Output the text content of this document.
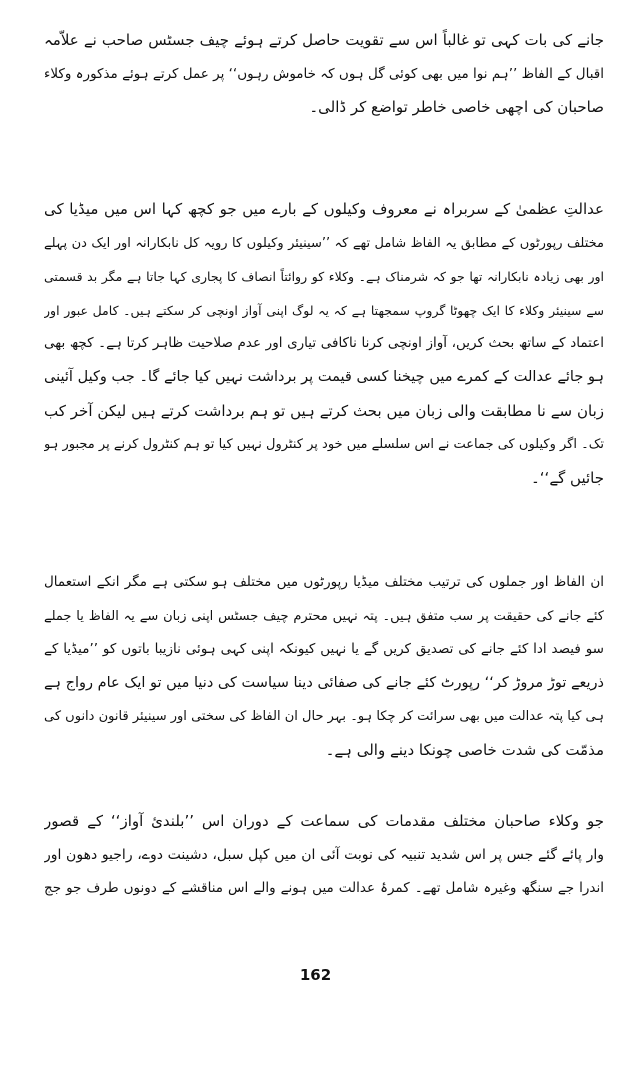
جانے کی بات کہی تو غالباً اس سے تقویت حاصل کرتے ہوئے چیف جسٹس صاحب نے علاّمہ
اقبال کے الفاظ ’’ہم نوا میں بھی کوئی گل ہوں کہ خاموش رہوں‘‘ پر عمل کرتے ہوئے مذکورہ وکلاء
صاحبان کی اچھی خاصی خاطر تواضع کر ڈالی۔
عدالتِ عظمیٰ کے سربراہ نے معروف وکیلوں کے بارے میں جو کچھ کہا اس میں میڈیا کی
مختلف رپورٹوں کے مطابق یہ الفاظ شامل تھے کہ ’’سینیئر وکیلوں کا رویہ کل نابکارانہ اور ایک دن پہلے
اور بھی زیادہ نابکارانہ تھا جو کہ شرمناک ہے۔ وکلاء کو روائتاً انصاف کا پجاری کہا جاتا ہے مگر بد قسمتی
سے سینیئر وکلاء کا ایک چھوٹا گروپ سمجھتا ہے کہ یہ لوگ اپنی آواز اونچی کر سکتے ہیں۔ کامل عبور اور
اعتماد کے ساتھ بحث کریں، آواز اونچی کرنا ناکافی تیاری اور عدم صلاحیت ظاہر کرتا ہے۔ کچھ بھی
ہو جائے عدالت کے کمرے میں چیخنا کسی قیمت پر برداشت نہیں کیا جائے گا۔ جب وکیل آئینی
زبان سے نا مطابقت والی زبان میں بحث کرتے ہیں تو ہم برداشت کرتے ہیں لیکن آخر کب
تک۔ اگر وکیلوں کی جماعت نے اس سلسلے میں خود پر کنٹرول نہیں کیا تو ہم کنٹرول کرنے پر مجبور ہو
جائیں گے‘‘۔
ان الفاظ اور جملوں کی ترتیب مختلف میڈیا رپورٹوں میں مختلف ہو سکتی ہے مگر انکے استعمال
کئے جانے کی حقیقت پر سب متفق ہیں۔ پتہ نہیں محترم چیف جسٹس اپنی زبان سے یہ الفاظ یا جملے
سو فیصد ادا کئے جانے کی تصدیق کریں گے یا نہیں کیونکہ اپنی کہی ہوئی نازیبا باتوں کو ’’میڈیا کے
ذریعے توڑ مروڑ کر‘‘ رپورٹ کئے جانے کی صفائی دینا سیاست کی دنیا میں تو ایک عام رواج ہے
ہی کیا پتہ عدالت میں بھی سرائت کر چکا ہو۔ بہر حال ان الفاظ کی سختی اور سینیئر قانون دانوں کی
مذمّت کی شدت خاصی چونکا دینے والی ہے۔
جو وکلاء صاحبان مختلف مقدمات کی سماعت کے دوران اس ’’بلندیٔ آواز‘‘ کے قصور
وار پائے گئے جس پر اس شدید تنبیہ کی نوبت آئی ان میں کپل سبل، دشینت دوے، راجیو دھون اور
اندرا جے سنگھ وغیرہ شامل تھے۔ کمرۂ عدالت میں ہونے والے اس مناقشے کے دونوں طرف جو جج
162
